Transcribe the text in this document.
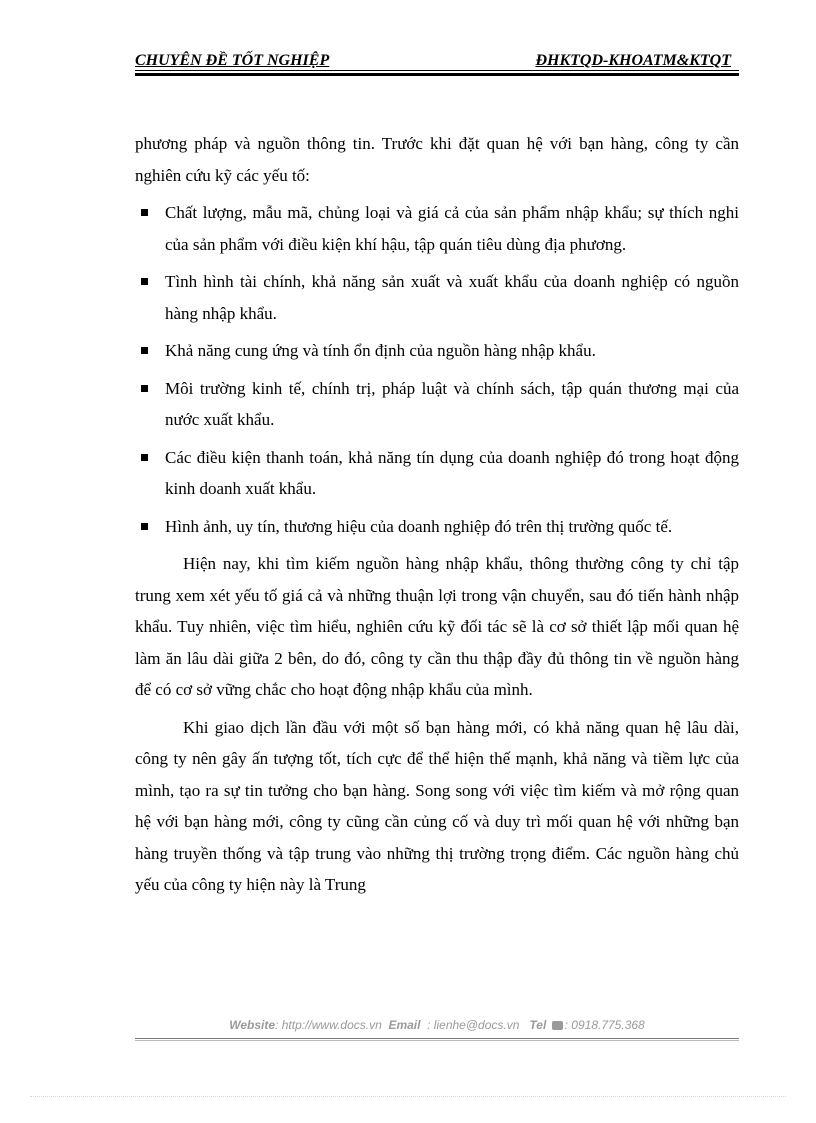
CHUYÊN ĐỀ TỐT NGHIỆP	ĐHKTQD-KHOATM&KTQT

phương pháp và nguồn thông tin. Trước khi đặt quan hệ với bạn hàng, công ty cần nghiên cứu kỹ các yếu tố:

Chất lượng, mẫu mã, chủng loại và giá cả của sản phẩm nhập khẩu; sự thích nghi của sản phẩm với điều kiện khí hậu, tập quán tiêu dùng địa phương.
Tình hình tài chính, khả năng sản xuất và xuất khẩu của doanh nghiệp có nguồn hàng nhập khẩu.
Khả năng cung ứng và tính ổn định của nguồn hàng nhập khẩu.
Môi trường kinh tế, chính trị, pháp luật và chính sách, tập quán thương mại của nước xuất khẩu.
Các điều kiện thanh toán, khả năng tín dụng của doanh nghiệp đó trong hoạt động kinh doanh xuất khẩu.
Hình ảnh, uy tín, thương hiệu của doanh nghiệp đó trên thị trường quốc tế.

Hiện nay, khi tìm kiếm nguồn hàng nhập khẩu, thông thường công ty chỉ tập trung xem xét yếu tố giá cả và những thuận lợi trong vận chuyển, sau đó tiến hành nhập khẩu. Tuy nhiên, việc tìm hiểu, nghiên cứu kỹ đối tác sẽ là cơ sở thiết lập mối quan hệ làm ăn lâu dài giữa 2 bên, do đó, công ty cần thu thập đầy đủ thông tin về nguồn hàng để có cơ sở vững chắc cho hoạt động nhập khẩu của mình.

Khi giao dịch lần đầu với một số bạn hàng mới, có khả năng quan hệ lâu dài, công ty nên gây ấn tượng tốt, tích cực để thể hiện thế mạnh, khả năng và tiềm lực của mình, tạo ra sự tin tưởng cho bạn hàng. Song song với việc tìm kiếm và mở rộng quan hệ với bạn hàng mới, công ty cũng cần củng cố và duy trì mối quan hệ với những bạn hàng truyền thống và tập trung vào những thị trường trọng điểm. Các nguồn hàng chủ yếu của công ty hiện này là Trung

Website: http://www.docs.vn Email : lienhe@docs.vn Tel : 0918.775.368
